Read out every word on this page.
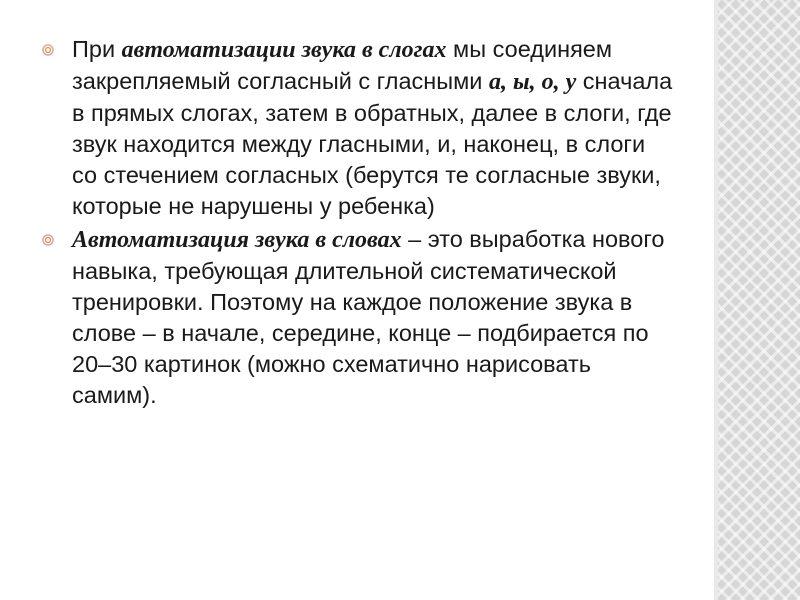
При автоматизации звука в слогах мы соединяем закрепляемый согласный с гласными а, ы, о, у сначала в прямых слогах, затем в обратных, далее в слоги, где звук находится между гласными, и, наконец, в слоги со стечением согласных (берутся те согласные звуки, которые не нарушены у ребенка)

Автоматизация звука в словах – это выработка нового навыка, требующая длительной систематической тренировки. Поэтому на каждое положение звука в слове – в начале, середине, конце – подбирается по 20–30 картинок (можно схематично нарисовать самим).
